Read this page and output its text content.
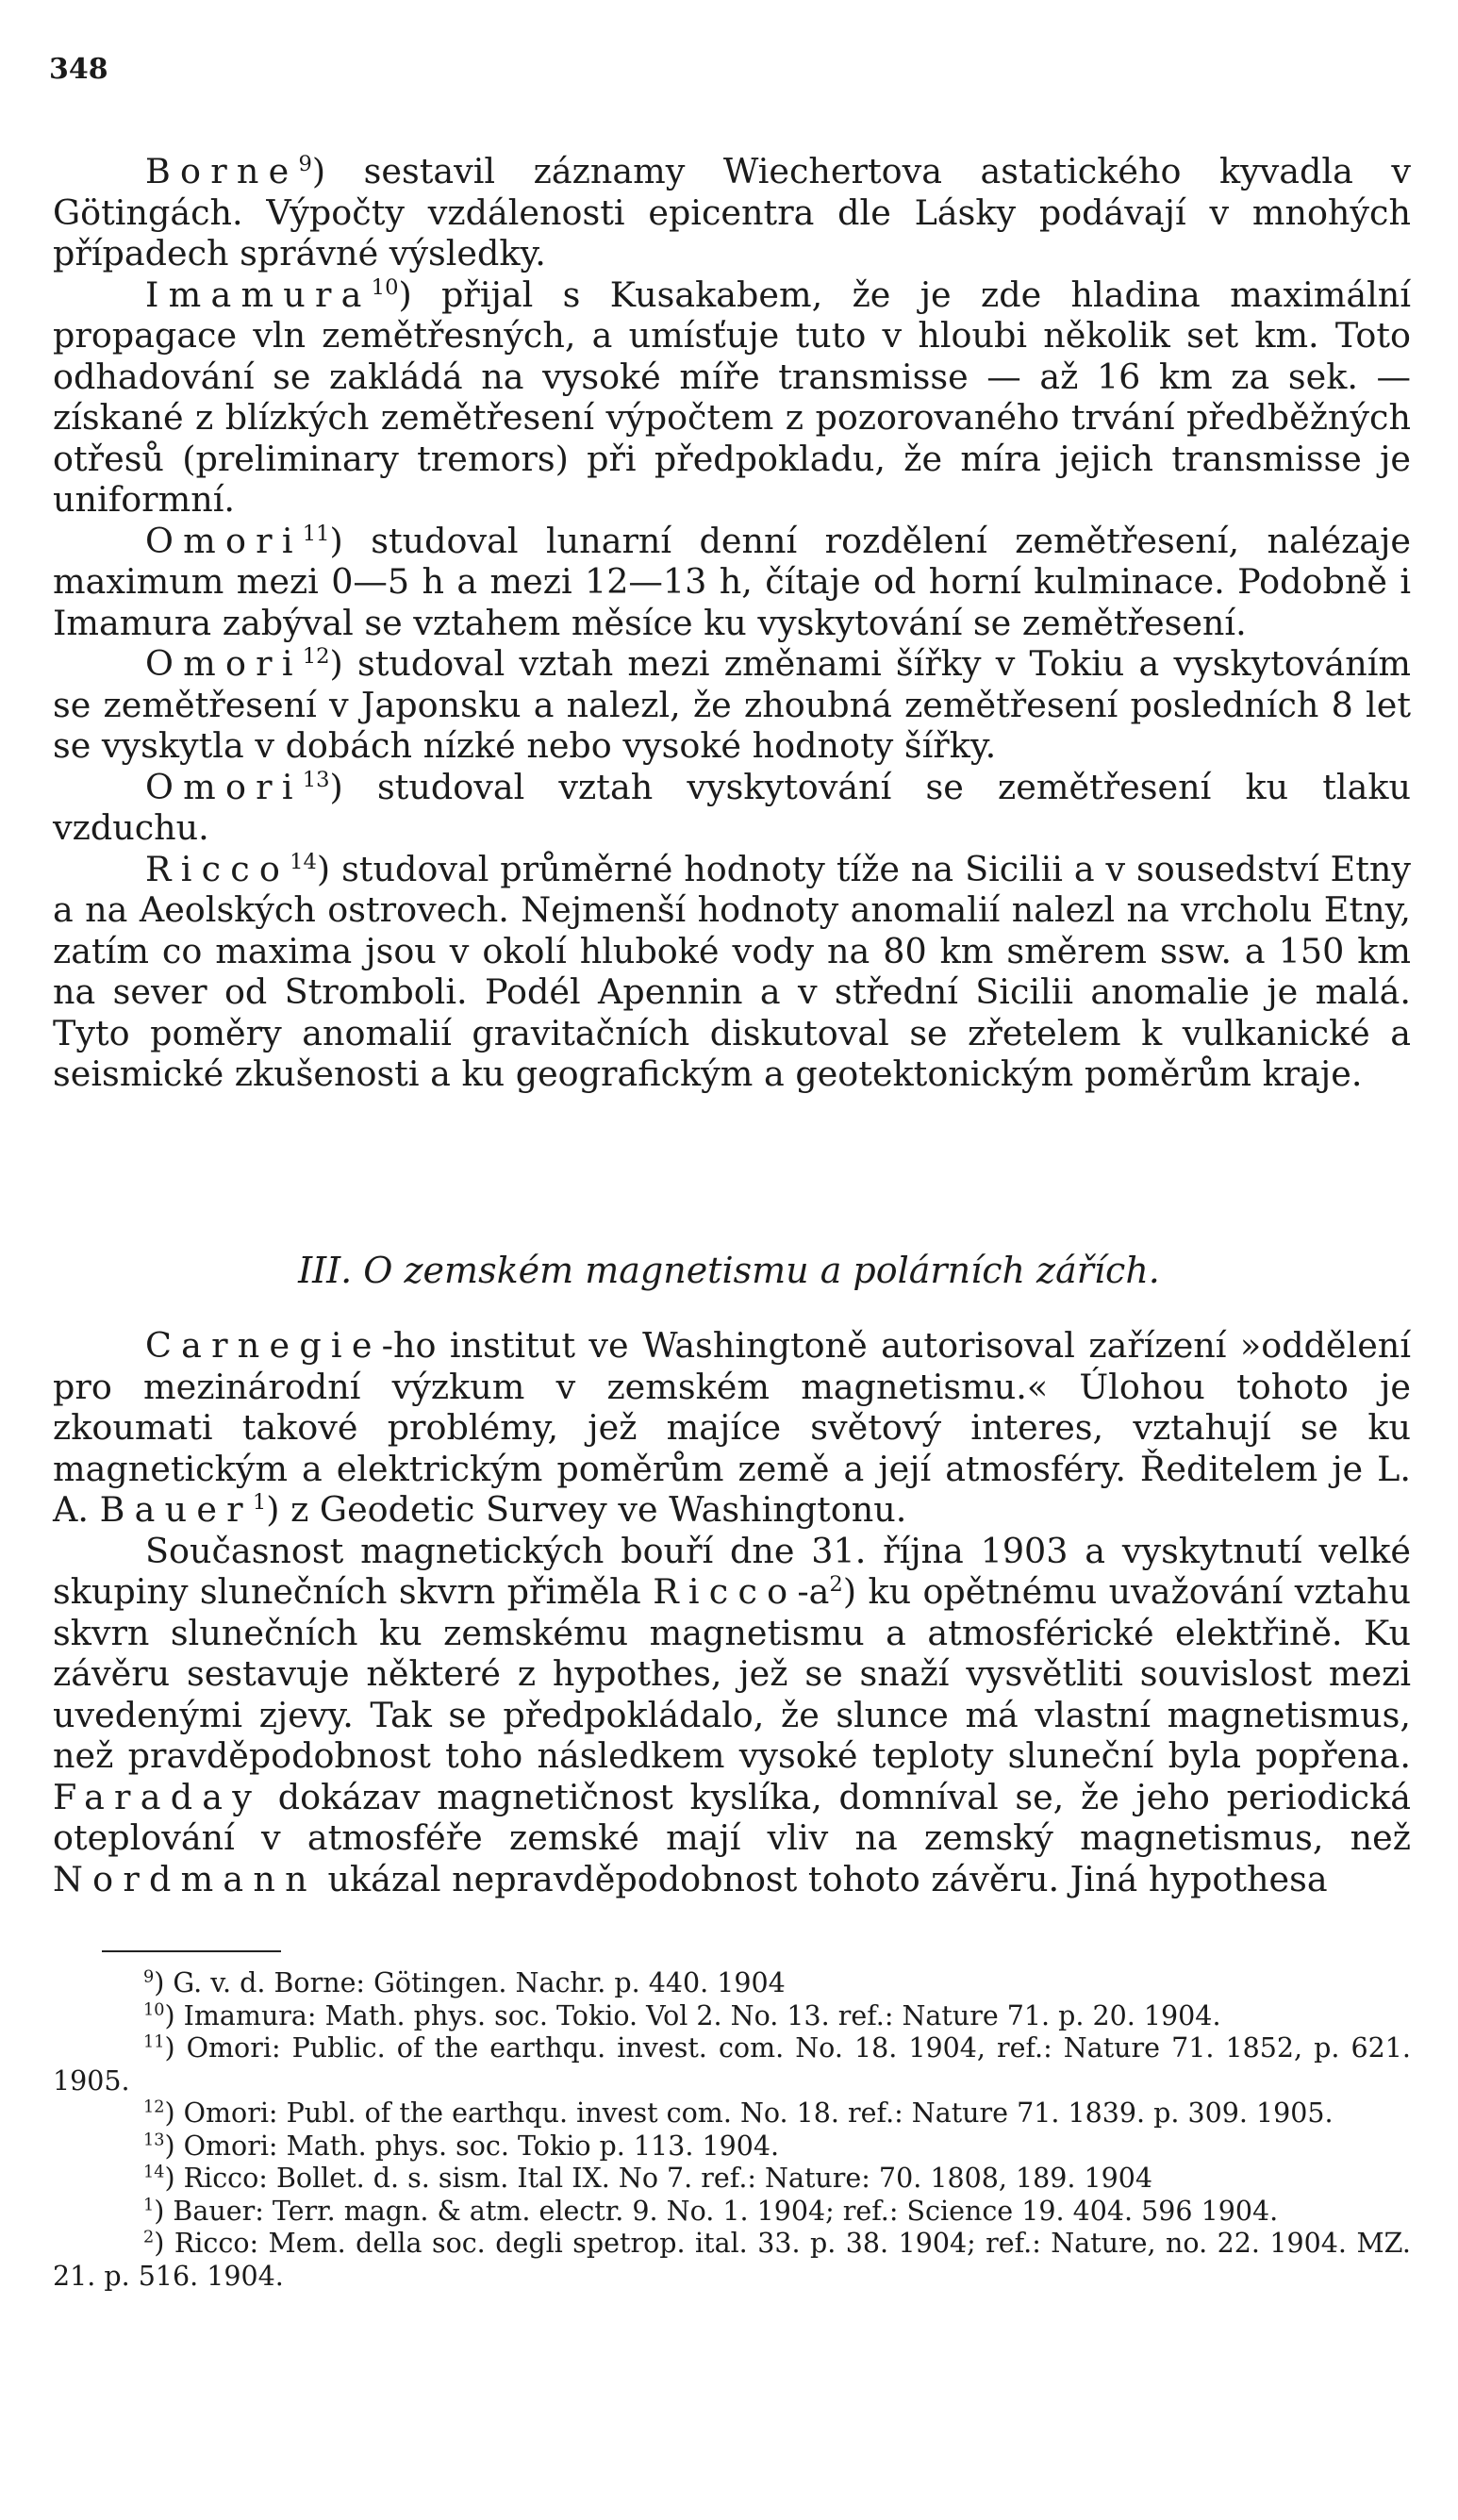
348

Borne$^9$) sestavil záznamy Wiechertova astatického kyvadla v Götingách. Výpočty vzdálenosti epicentra dle Lásky podávají v mnohých případech správné výsledky.

Imamura$^{10}$) přijal s Kusakabem, že je zde hladina maximální propagace vln zemětřesných, a umísťuje tuto v hloubi několik set km. Toto odhadování se zakládá na vysoké míře transmisse — až 16 km za sek. — získané z blízkých zemětřesení výpočtem z pozorovaného trvání předběžných otřesů (preliminary tremors) při předpokladu, že míra jejich transmisse je uniformní.

Omori$^{11}$) studoval lunarní denní rozdělení zemětřesení, nalézaje maximum mezi 0—5 h a mezi 12—13 h, čítaje od horní kulminace. Podobně i Imamura zabýval se vztahem měsíce ku vyskytování se zemětřesení.

Omori$^{12}$) studoval vztah mezi změnami šířky v Tokiu a vyskytováním se zemětřesení v Japonsku a nalezl, že zhoubná zemětřesení posledních 8 let se vyskytla v dobách nízké nebo vysoké hodnoty šířky.

Omori$^{13}$) studoval vztah vyskytování se zemětřesení ku tlaku vzduchu.

Ricco$^{14}$) studoval průměrné hodnoty tíže na Sicilii a v sousedství Etny a na Aeolských ostrovech. Nejmenší hodnoty anomalií nalezl na vrcholu Etny, zatím co maxima jsou v okolí hluboké vody na 80 km směrem ssw. a 150 km na sever od Stromboli. Podél Apennin a v střední Sicilii anomalie je malá. Tyto poměry anomalií gravitačních diskutoval se zřetelem k vulkanické a seismické zkušenosti a ku geografickým a geotektonickým poměrům kraje.

III. O zemském magnetismu a polárních zářích.

Carnegie-ho institut ve Washingtoně autorisoval zařízení »oddělení pro mezinárodní výzkum v zemském magnetismu.« Úlohou tohoto je zkoumati takové problémy, jež majíce světový interes, vztahují se ku magnetickým a elektrickým poměrům země a její atmosféry. Ředitelem je L. A. Bauer$^1$) z Geodetic Survey ve Washingtonu.

Současnost magnetických bouří dne 31. října 1903 a vyskytnutí velké skupiny slunečních skvrn přiměla Ricco-$a^2$) ku opětnému uvažování vztahu skvrn slunečních ku zemskému magnetismu a atmosférické elektřině. Ku závěru sestavuje některé z hypothes, jež se snaží vysvětliti souvislost mezi uvedenými zjevy. Tak se předpokládalo, že slunce má vlastní magnetismus, než pravděpodobnost toho následkem vysoké teploty sluneční byla popřena. Faraday dokázav magnetičnost kyslíka, domníval se, že jeho periodická oteplování v atmosféře zemské mají vliv na zemský magnetismus, než Nordmann ukázal nepravděpodobnost tohoto závěru. Jiná hypothesa

$^9$) G. v. d. Borne: Götingen. Nachr. p. 440. 1904

$^{10}$) Imamura: Math. phys. soc. Tokio. Vol 2. No. 13. ref.: Nature 71. p. 20. 1904.

$^{11}$) Omori: Public. of the earthqu. invest. com. No. 18. 1904, ref.: Nature 71. 1852, p. 621. 1905.

$^{12}$) Omori: Publ. of the earthqu. invest com. No. 18. ref.: Nature 71. 1839. p. 309. 1905.

$^{13}$) Omori: Math. phys. soc. Tokio p. 113. 1904.

$^{14}$) Ricco: Bollet. d. s. sism. Ital IX. No 7. ref.: Nature: 70. 1808, 189. 1904

$^1$) Bauer: Terr. magn. & atm. electr. 9. No. 1. 1904; ref.: Science 19. 404. 596 1904.

$^2$) Ricco: Mem. della soc. degli spetrop. ital. 33. p. 38. 1904; ref.: Nature, no. 22. 1904. MZ. 21. p. 516. 1904.
